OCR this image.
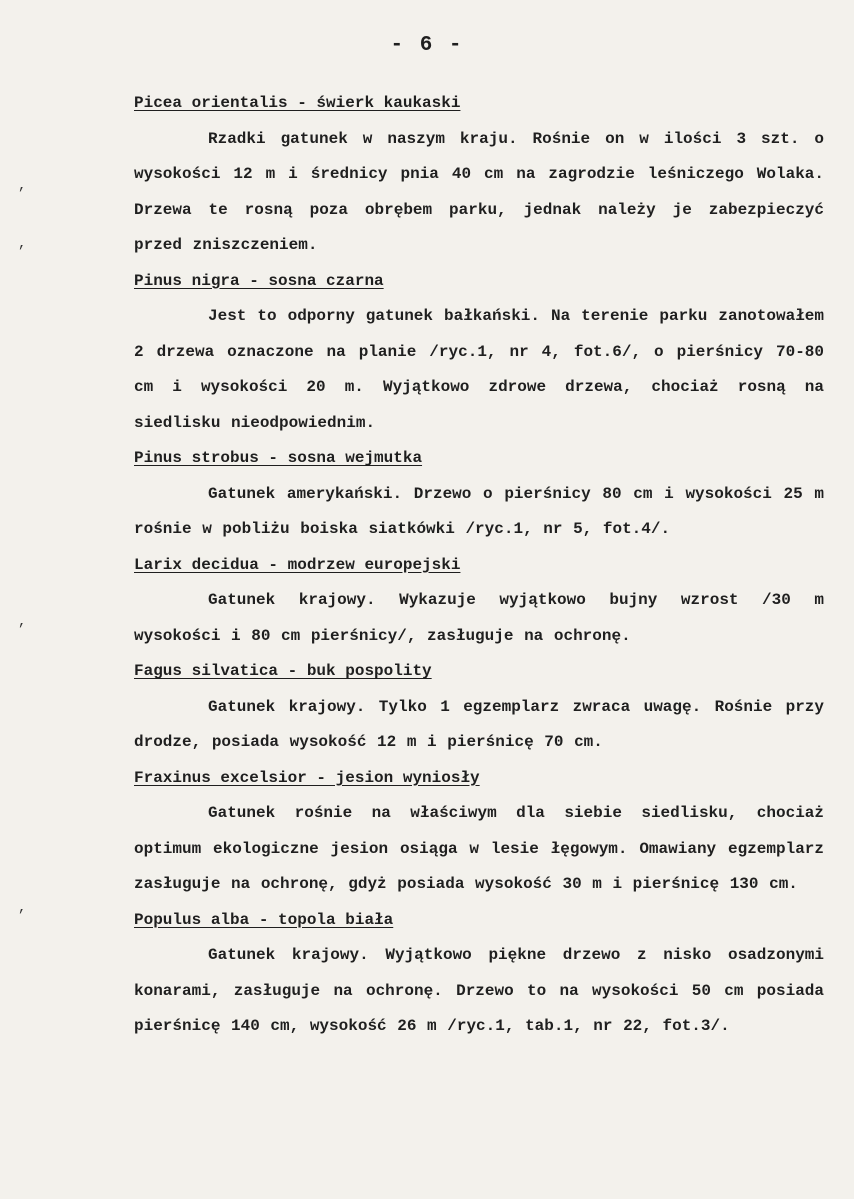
- 6 -
,
,
,
,
Picea orientalis - świerk kaukaski

Rzadki gatunek w naszym kraju. Rośnie on w ilości 3 szt. o wysokości 12 m i średnicy pnia 40 cm na zagrodzie leśniczego Wolaka. Drzewa te rosną poza obrębem parku, jednak należy je zabezpieczyć przed zniszczeniem.

Pinus nigra - sosna czarna

Jest to odporny gatunek bałkański. Na terenie parku zanotowałem 2 drzewa oznaczone na planie /ryc.1, nr 4, fot.6/, o pierśnicy 70-80 cm i wysokości 20 m. Wyjątkowo zdrowe drzewa, chociaż rosną na siedlisku nieodpowiednim.

Pinus strobus - sosna wejmutka

Gatunek amerykański. Drzewo o pierśnicy 80 cm i wysokości 25 m rośnie w pobliżu boiska siatkówki /ryc.1, nr 5, fot.4/.

Larix decidua - modrzew europejski

Gatunek krajowy. Wykazuje wyjątkowo bujny wzrost /30 m wysokości i 80 cm pierśnicy/, zasługuje na ochronę.

Fagus silvatica - buk pospolity

Gatunek krajowy. Tylko 1 egzemplarz zwraca uwagę. Rośnie przy drodze, posiada wysokość 12 m i pierśnicę 70 cm.

Fraxinus excelsior - jesion wyniosły

Gatunek rośnie na właściwym dla siebie siedlisku, chociaż optimum ekologiczne jesion osiąga w lesie łęgowym. Omawiany egzemplarz zasługuje na ochronę, gdyż posiada wysokość 30 m i pierśnicę 130 cm.

Populus alba - topola biała

Gatunek krajowy. Wyjątkowo piękne drzewo z nisko osadzonymi konarami, zasługuje na ochronę. Drzewo to na wysokości 50 cm posiada pierśnicę 140 cm, wysokość 26 m /ryc.1, tab.1, nr 22, fot.3/.
